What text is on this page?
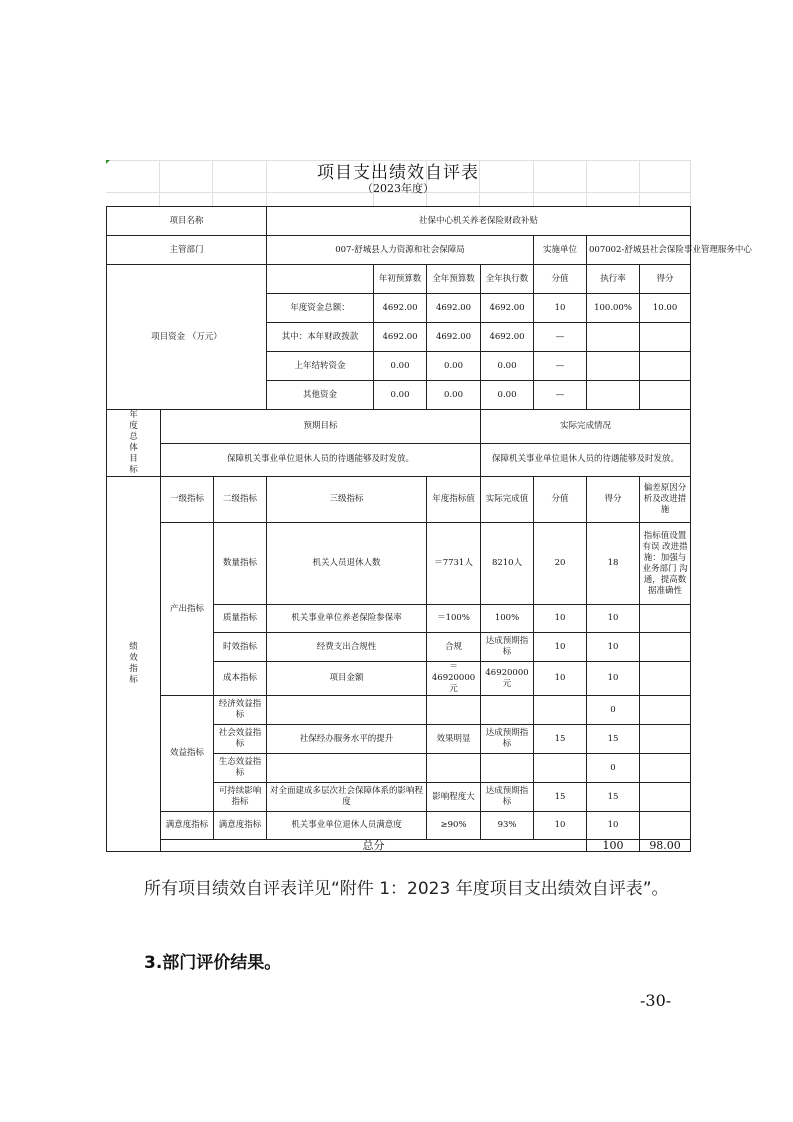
项目支出绩效自评表
（2023年度）
项目名称			社保中心机关养老保险财政补贴							
主管部门			007-舒城县人力资源和社会保障局				实施单位	007002-舒城县社会保险事业管理服务中心		
项目资金 （万元）				年初预算数	全年预算数	全年执行数	分值	执行率	得分	
			年度资金总额：	4692.00	4692.00	4692.00	10	100.00%	10.00	
			其中：本年财政拨款	4692.00	4692.00	4692.00	—			
			上年结转资金	0.00	0.00	0.00	—			
			其他资金	0.00	0.00	0.00	—			
年度总体目标	预期目标					实际完成情况				
	保障机关事业单位退休人员的待遇能够及时发放。					保障机关事业单位退休人员的待遇能够及时发放。				
绩效指标	一级指标	二级指标	三级指标		年度指标值	实际完成值	分值	得分	偏差原因分析及改进措施	
	产出指标	数量指标	机关人员退休人数		＝7731人	8210人	20	18	指标值设置有误 改进措施：加强与业务部门 沟通，提高数据准确性	
		质量指标	机关事业单位养老保险参保率		＝100%	100%	10	10		
		时效指标	经费支出合规性		合规	达成预期指标	10	10		
		成本指标	项目金额		＝46920000元	46920000元	10	10		
	效益指标	经济效益指标						0		
		社会效益指标	社保经办服务水平的提升		效果明显	达成预期指标	15	15		
		生态效益指标						0		
		可持续影响指标	对全面建成多层次社会保障体系的影响程度		影响程度大	达成预期指标	15	15		
	满意度指标	满意度指标	机关事业单位退休人员满意度		≥90%	93%	10	10		
	总分							100	98.00	
所有项目绩效自评表详见“附件 1：2023 年度项目支出绩效自评表”。
3.部门评价结果。
-30-
